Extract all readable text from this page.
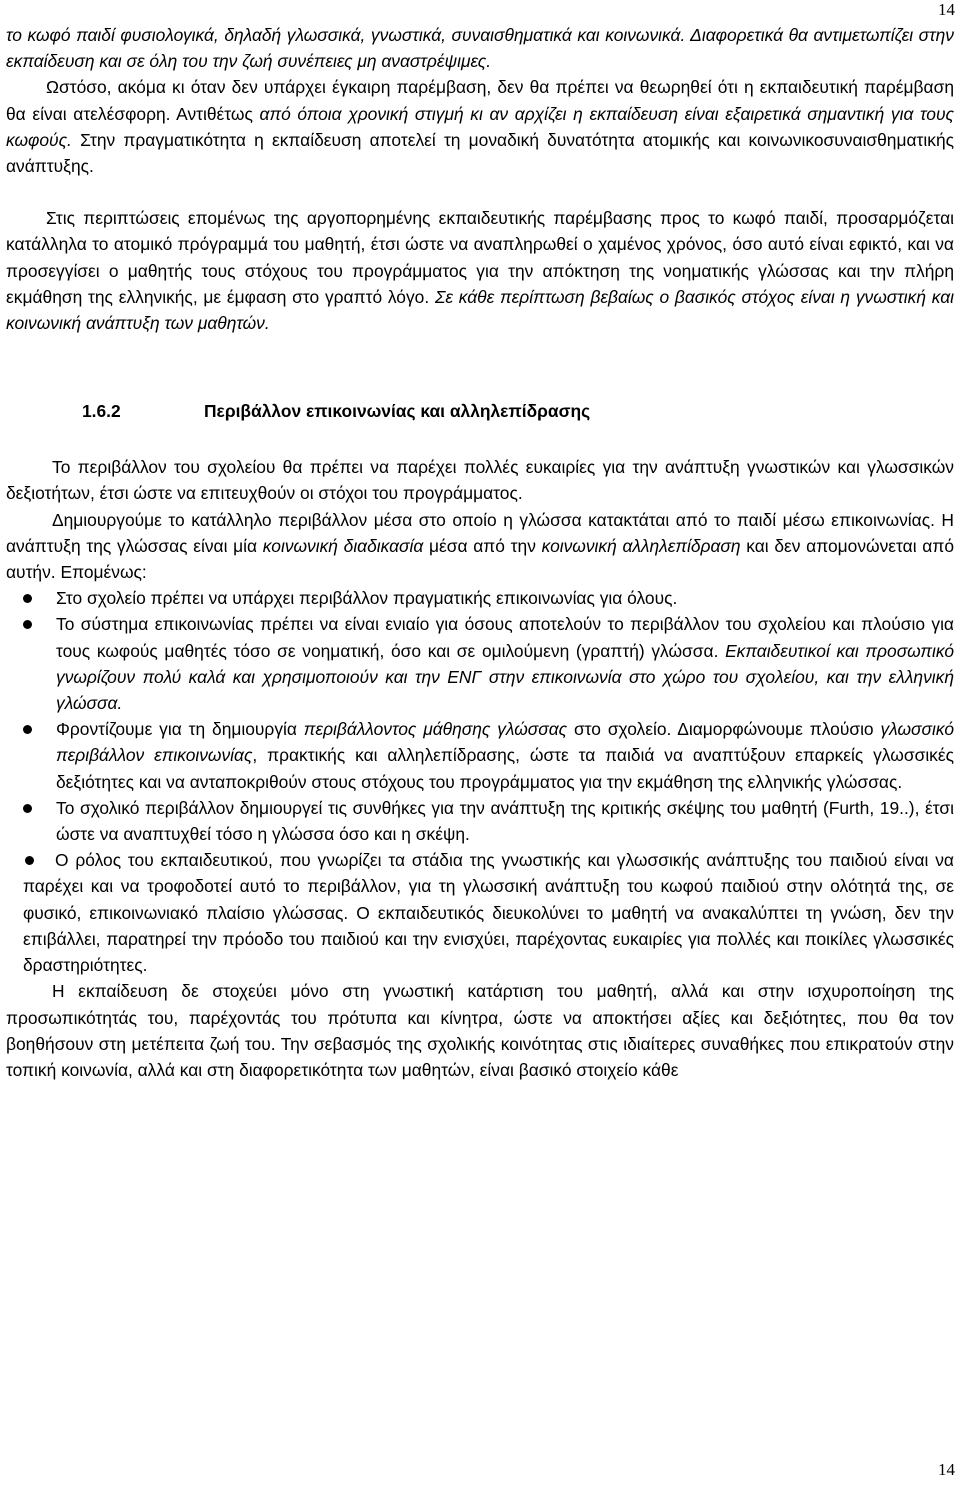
14

το κωφό παιδί φυσιολογικά, δηλαδή γλωσσικά, γνωστικά, συναισθηματικά και κοινωνικά. Διαφορετικά θα αντιμετωπίζει στην εκπαίδευση και σε όλη του την ζωή συνέπειες μη αναστρέψιμες.

Ωστόσο, ακόμα κι όταν δεν υπάρχει έγκαιρη παρέμβαση, δεν θα πρέπει να θεωρηθεί ότι η εκπαιδευτική παρέμβαση θα είναι ατελέσφορη. Αντιθέτως από όποια χρονική στιγμή κι αν αρχίζει η εκπαίδευση είναι εξαιρετικά σημαντική για τους κωφούς. Στην πραγματικότητα η εκπαίδευση αποτελεί τη μοναδική δυνατότητα ατομικής και κοινωνικοσυναισθηματικής ανάπτυξης.

Στις περιπτώσεις επομένως της αργοπορημένης εκπαιδευτικής παρέμβασης προς το κωφό παιδί, προσαρμόζεται κατάλληλα το ατομικό πρόγραμμά του μαθητή, έτσι ώστε να αναπληρωθεί ο χαμένος χρόνος, όσο αυτό είναι εφικτό, και να προσεγγίσει ο μαθητής τους στόχους του προγράμματος για την απόκτηση της νοηματικής γλώσσας και την πλήρη εκμάθηση της ελληνικής, με έμφαση στο γραπτό λόγο. Σε κάθε περίπτωση βεβαίως ο βασικός στόχος είναι η γνωστική και κοινωνική ανάπτυξη των μαθητών.

1.6.2	Περιβάλλον επικοινωνίας και αλληλεπίδρασης

Το περιβάλλον του σχολείου θα πρέπει να παρέχει πολλές ευκαιρίες για την ανάπτυξη γνωστικών και γλωσσικών δεξιοτήτων, έτσι ώστε να επιτευχθούν οι στόχοι του προγράμματος.

Δημιουργούμε το κατάλληλο περιβάλλον μέσα στο οποίο η γλώσσα κατακτάται από το παιδί μέσω επικοινωνίας. Η ανάπτυξη της γλώσσας είναι μία κοινωνική διαδικασία μέσα από την κοινωνική αλληλεπίδραση και δεν απομονώνεται από αυτήν. Επομένως:

Στο σχολείο πρέπει να υπάρχει περιβάλλον πραγματικής επικοινωνίας για όλους.
Το σύστημα επικοινωνίας πρέπει να είναι ενιαίο για όσους αποτελούν το περιβάλλον του σχολείου και πλούσιο για τους κωφούς μαθητές τόσο σε νοηματική, όσο και σε ομιλούμενη (γραπτή) γλώσσα. Εκπαιδευτικοί και προσωπικό γνωρίζουν πολύ καλά και χρησιμοποιούν και την ΕΝΓ στην επικοινωνία στο χώρο του σχολείου, και την ελληνική γλώσσα.
Φροντίζουμε για τη δημιουργία περιβάλλοντος μάθησης γλώσσας στο σχολείο. Διαμορφώνουμε πλούσιο γλωσσικό περιβάλλον επικοινωνίας, πρακτικής και αλληλεπίδρασης, ώστε τα παιδιά να αναπτύξουν επαρκείς γλωσσικές δεξιότητες και να ανταποκριθούν στους στόχους του προγράμματος για την εκμάθηση της ελληνικής γλώσσας.
Το σχολικό περιβάλλον δημιουργεί τις συνθήκες για την ανάπτυξη της κριτικής σκέψης του μαθητή (Furth, 19..), έτσι ώστε να αναπτυχθεί τόσο η γλώσσα όσο και η σκέψη.
Ο ρόλος του εκπαιδευτικού, που γνωρίζει τα στάδια της γνωστικής και γλωσσικής ανάπτυξης του παιδιού είναι να παρέχει και να τροφοδοτεί αυτό το περιβάλλον, για τη γλωσσική ανάπτυξη του κωφού παιδιού στην ολότητά της, σε φυσικό, επικοινωνιακό πλαίσιο γλώσσας. Ο εκπαιδευτικός διευκολύνει το μαθητή να ανακαλύπτει τη γνώση, δεν την επιβάλλει, παρατηρεί την πρόοδο του παιδιού και την ενισχύει, παρέχοντας ευκαιρίες για πολλές και ποικίλες γλωσσικές δραστηριότητες.

Η εκπαίδευση δε στοχεύει μόνο στη γνωστική κατάρτιση του μαθητή, αλλά και στην ισχυροποίηση της προσωπικότητάς του, παρέχοντάς του πρότυπα και κίνητρα, ώστε να αποκτήσει αξίες και δεξιότητες, που θα τον βοηθήσουν στη μετέπειτα ζωή του. Την σεβασμός της σχολικής κοινότητας στις ιδιαίτερες συναθήκες που επικρατούν στην τοπική κοινωνία, αλλά και στη διαφορετικότητα των μαθητών, είναι βασικό στοιχείο κάθε

14
